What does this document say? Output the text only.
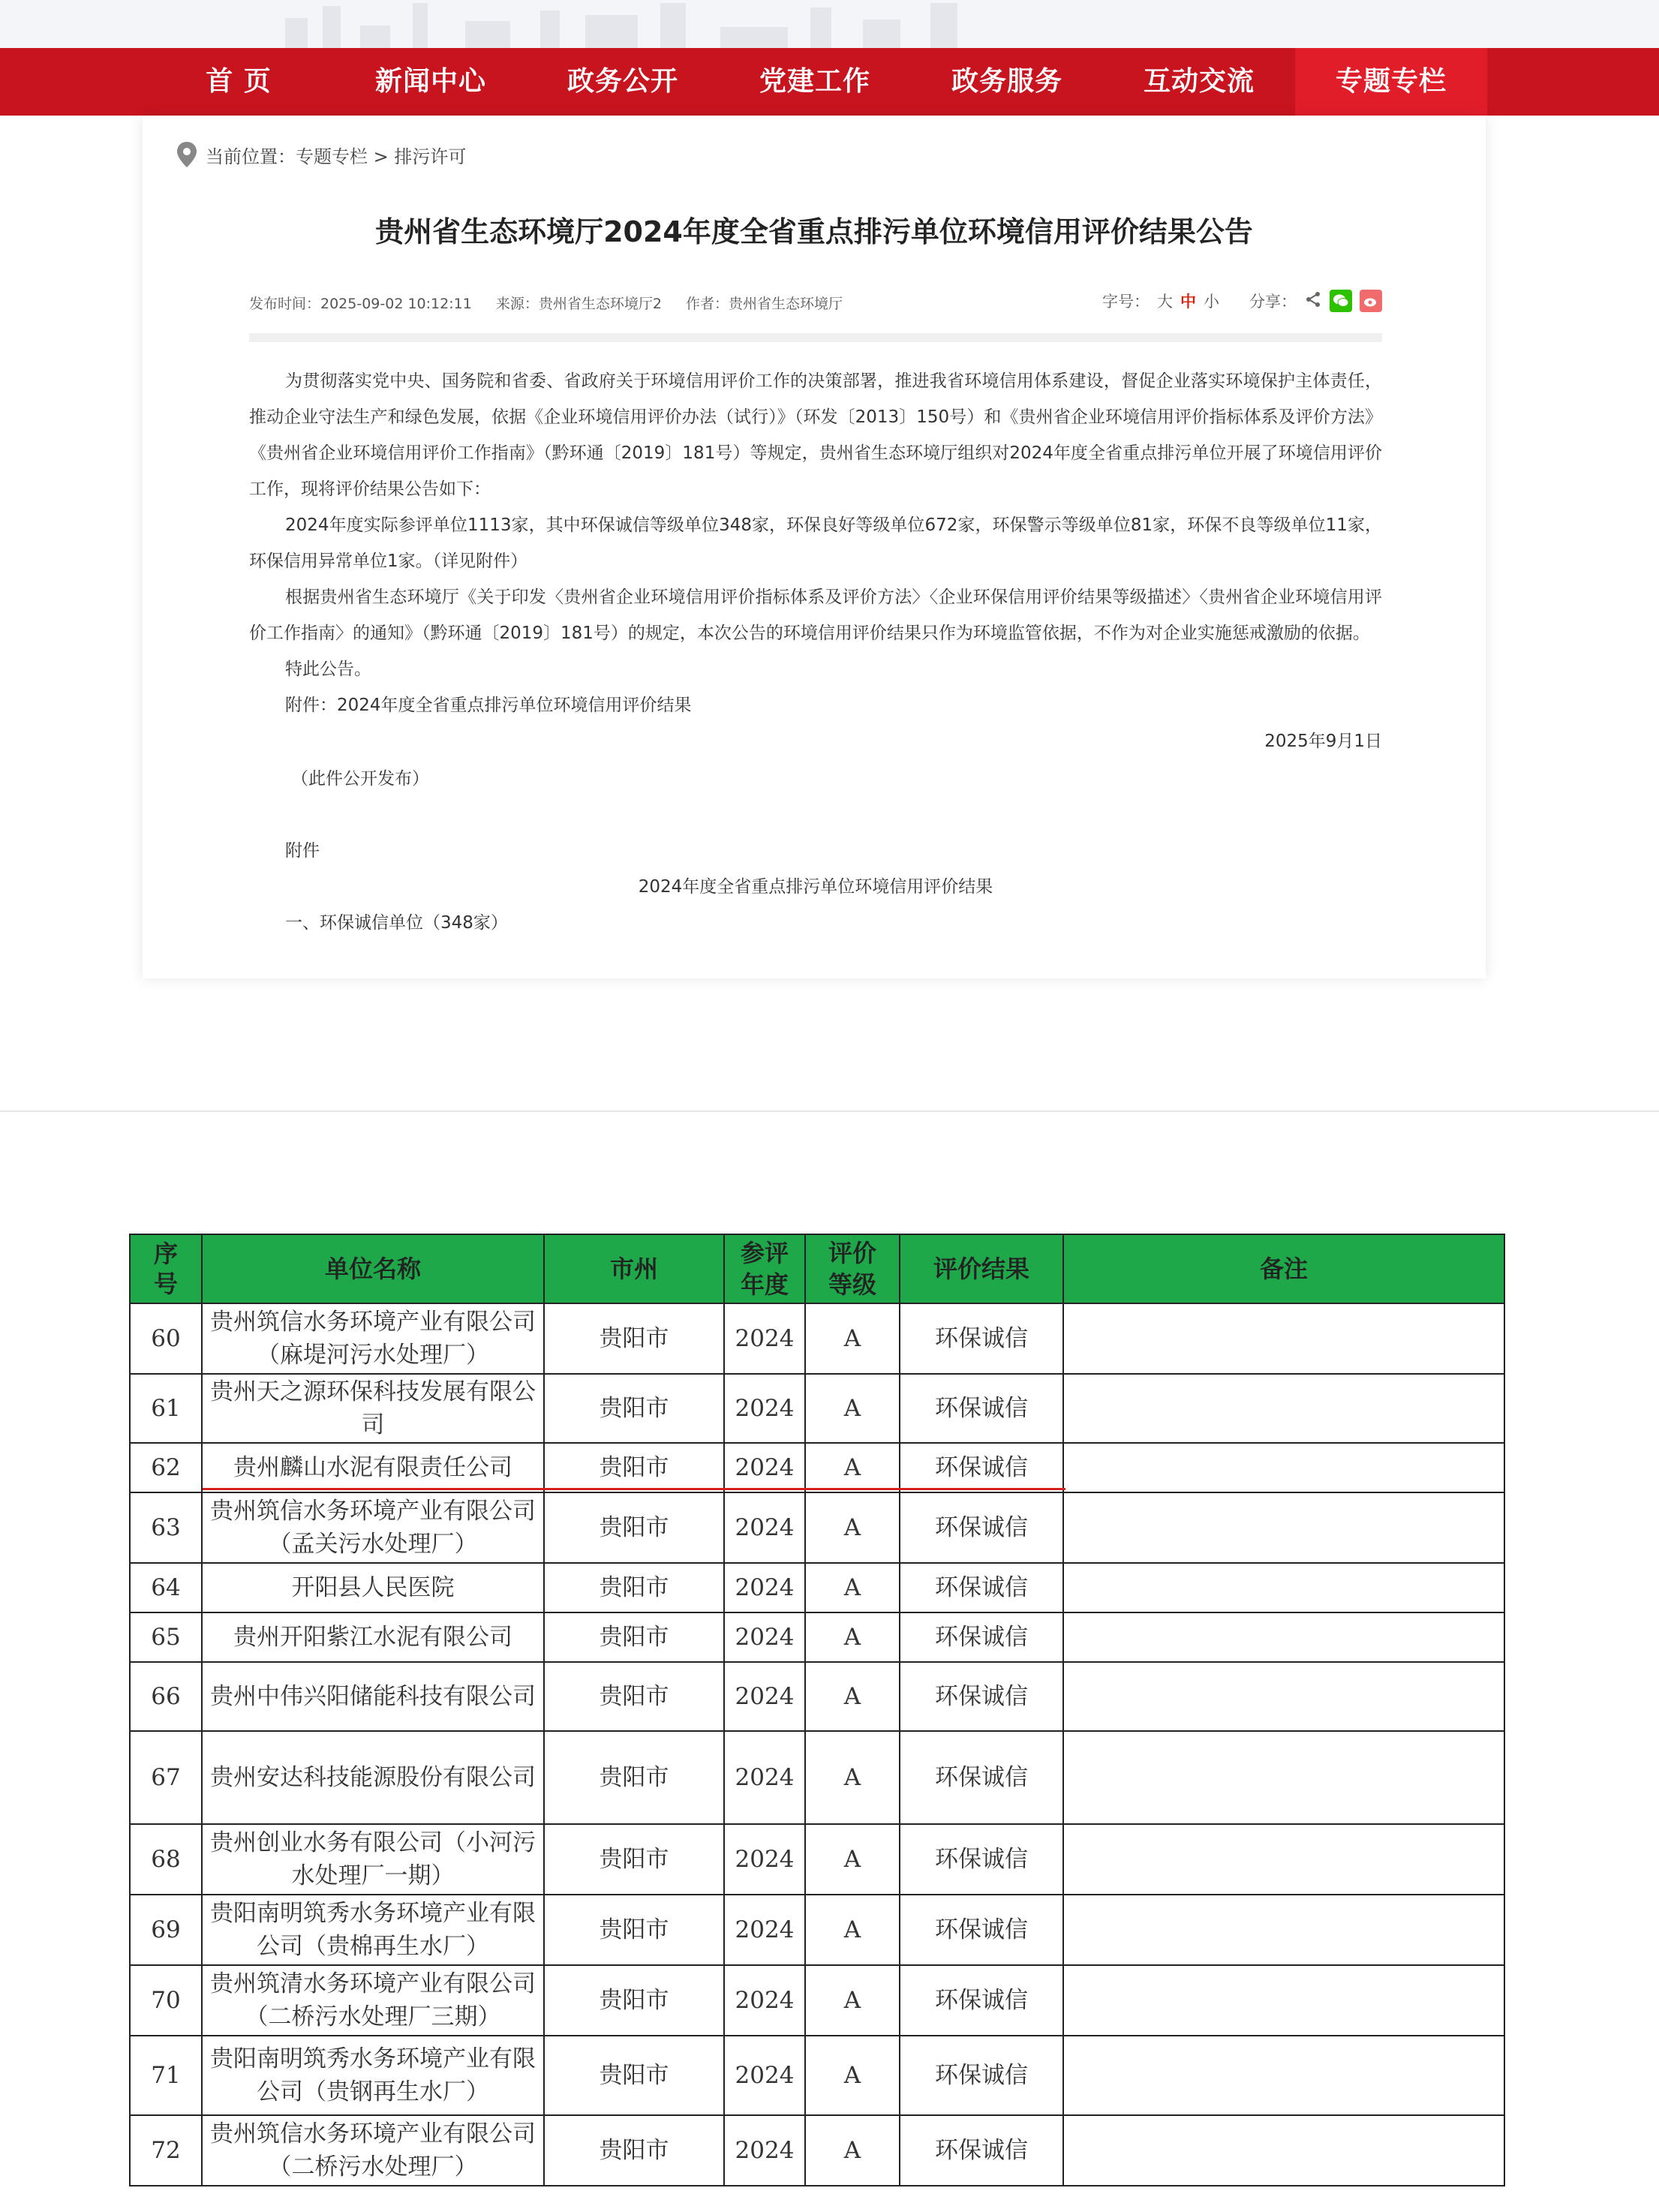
首 页	新闻中心	政务公开	党建工作	政务服务	互动交流	专题专栏
当前位置： 专题专栏 > 排污许可
贵州省生态环境厅2024年度全省重点排污单位环境信用评价结果公告
发布时间：2025-09-02 10:12:11 来源：贵州省生态环境厅2 作者：贵州省生态环境厅	字号： 大 中 小 分享：

为贯彻落实党中央、国务院和省委、省政府关于环境信用评价工作的决策部署，推进我省环境信用体系建设，督促企业落实环境保护主体责任，推动企业守法生产和绿色发展，依据《企业环境信用评价办法（试行）》（环发〔2013〕150号）和《贵州省企业环境信用评价指标体系及评价方法》《贵州省企业环境信用评价工作指南》（黔环通〔2019〕181号）等规定，贵州省生态环境厅组织对2024年度全省重点排污单位开展了环境信用评价工作，现将评价结果公告如下：

2024年度实际参评单位1113家，其中环保诚信等级单位348家，环保良好等级单位672家，环保警示等级单位81家，环保不良等级单位11家，环保信用异常单位1家。（详见附件）

根据贵州省生态环境厅《关于印发〈贵州省企业环境信用评价指标体系及评价方法〉〈企业环保信用评价结果等级描述〉〈贵州省企业环境信用评价工作指南〉的通知》（黔环通〔2019〕181号）的规定，本次公告的环境信用评价结果只作为环境监管依据，不作为对企业实施惩戒激励的依据。

特此公告。

附件：2024年度全省重点排污单位环境信用评价结果

2025年9月1日

（此件公开发布）

附件

2024年度全省重点排污单位环境信用评价结果

一、环保诚信单位（348家）

序号	单位名称	市州	参评年度	评价等级	评价结果	备注
60	贵州筑信水务环境产业有限公司（麻堤河污水处理厂）	贵阳市	2024	A	环保诚信	
61	贵州天之源环保科技发展有限公司	贵阳市	2024	A	环保诚信	
62	贵州麟山水泥有限责任公司	贵阳市	2024	A	环保诚信	
63	贵州筑信水务环境产业有限公司（孟关污水处理厂）	贵阳市	2024	A	环保诚信	
64	开阳县人民医院	贵阳市	2024	A	环保诚信	
65	贵州开阳紫江水泥有限公司	贵阳市	2024	A	环保诚信	
66	贵州中伟兴阳储能科技有限公司	贵阳市	2024	A	环保诚信	
67	贵州安达科技能源股份有限公司	贵阳市	2024	A	环保诚信	
68	贵州创业水务有限公司（小河污水处理厂一期）	贵阳市	2024	A	环保诚信	
69	贵阳南明筑秀水务环境产业有限公司（贵棉再生水厂）	贵阳市	2024	A	环保诚信	
70	贵州筑清水务环境产业有限公司（二桥污水处理厂三期）	贵阳市	2024	A	环保诚信	
71	贵阳南明筑秀水务环境产业有限公司（贵钢再生水厂）	贵阳市	2024	A	环保诚信	
72	贵州筑信水务环境产业有限公司（二桥污水处理厂）	贵阳市	2024	A	环保诚信	
